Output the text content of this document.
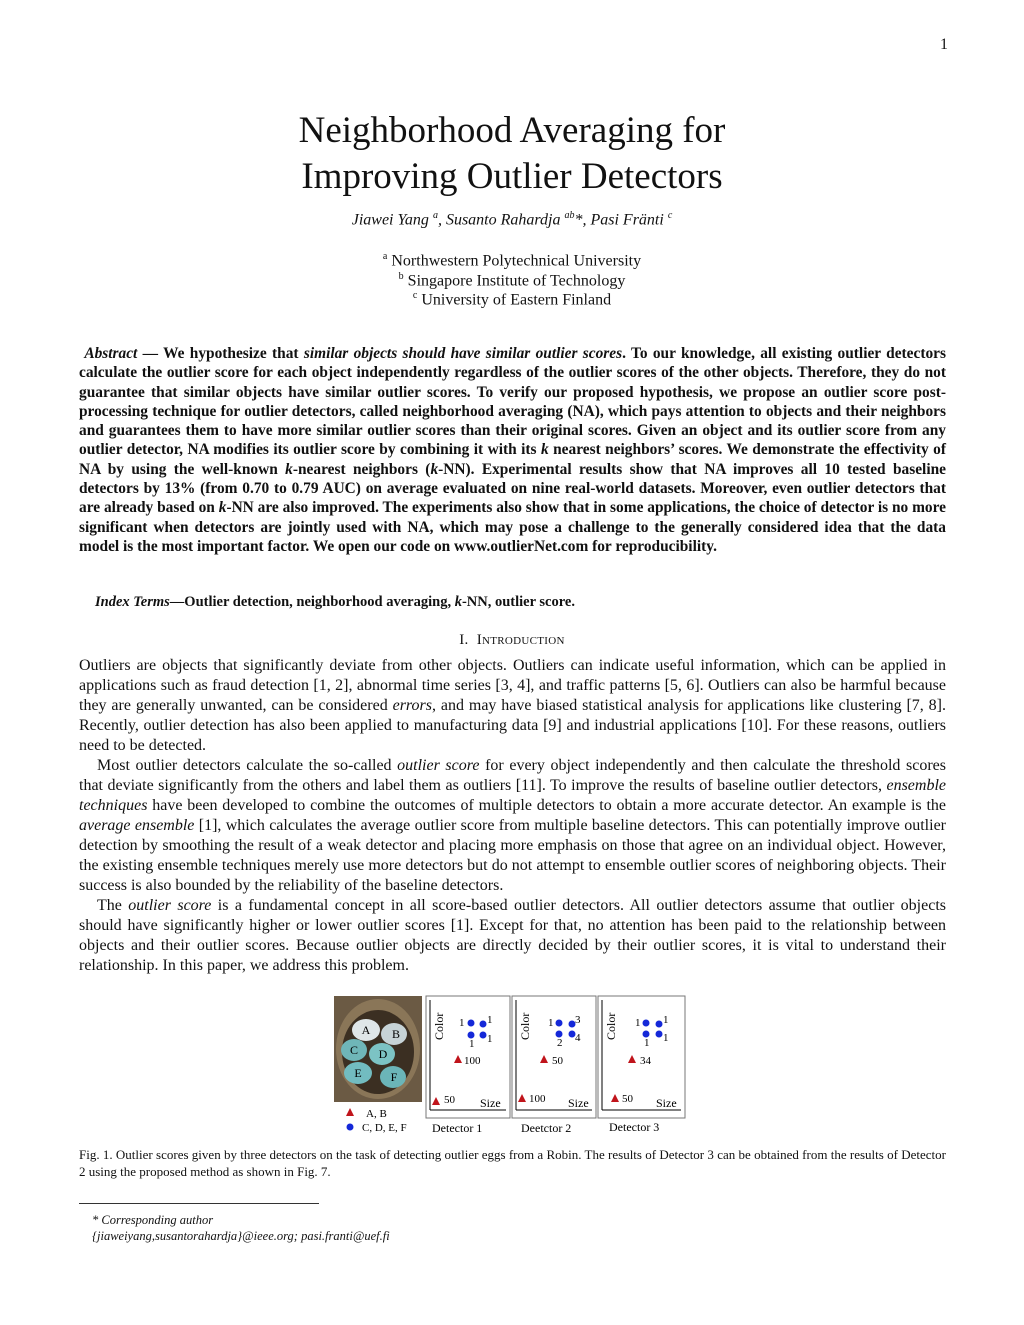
1
Neighborhood Averaging for
Improving Outlier Detectors
Jiawei Yang $^a$, Susanto Rahardja $^{ab}$*, Pasi Fränti $^c$
$^a$ Northwestern Polytechnical University
$^b$ Singapore Institute of Technology
$^c$ University of Eastern Finland
Abstract — We hypothesize that similar objects should have similar outlier scores. To our knowledge, all existing outlier detectors calculate the outlier score for each object independently regardless of the outlier scores of the other objects. Therefore, they do not guarantee that similar objects have similar outlier scores. To verify our proposed hypothesis, we propose an outlier score post-processing technique for outlier detectors, called neighborhood averaging (NA), which pays attention to objects and their neighbors and guarantees them to have more similar outlier scores than their original scores. Given an object and its outlier score from any outlier detector, NA modifies its outlier score by combining it with its k nearest neighbors’ scores. We demonstrate the effectivity of NA by using the well-known k-nearest neighbors (k-NN). Experimental results show that NA improves all 10 tested baseline detectors by 13% (from 0.70 to 0.79 AUC) on average evaluated on nine real-world datasets. Moreover, even outlier detectors that are already based on k-NN are also improved. The experiments also show that in some applications, the choice of detector is no more significant when detectors are jointly used with NA, which may pose a challenge to the generally considered idea that the data model is the most important factor. We open our code on www.outlierNet.com for reproducibility.
Index Terms—Outlier detection, neighborhood averaging, k-NN, outlier score.
I. Introduction

Outliers are objects that significantly deviate from other objects. Outliers can indicate useful information, which can be applied in applications such as fraud detection [1, 2], abnormal time series [3, 4], and traffic patterns [5, 6]. Outliers can also be harmful because they are generally unwanted, can be considered errors, and may have biased statistical analysis for applications like clustering [7, 8]. Recently, outlier detection has also been applied to manufacturing data [9] and industrial applications [10]. For these reasons, outliers need to be detected.

Most outlier detectors calculate the so-called outlier score for every object independently and then calculate the threshold scores that deviate significantly from the others and label them as outliers [11]. To improve the results of baseline outlier detectors, ensemble techniques have been developed to combine the outcomes of multiple detectors to obtain a more accurate detector. An example is the average ensemble [1], which calculates the average outlier score from multiple baseline detectors. This can potentially improve outlier detection by smoothing the result of a weak detector and placing more emphasis on those that agree on an individual object. However, the existing ensemble techniques merely use more detectors but do not attempt to ensemble outlier scores of neighboring objects. Their success is also bounded by the reliability of the baseline detectors.

The outlier score is a fundamental concept in all score-based outlier detectors. All outlier detectors assume that outlier objects should have significantly higher or lower outlier scores [1]. Except for that, no attention has been paid to the relationship between objects and their outlier scores. Because outlier objects are directly decided by their outlier scores, it is vital to understand their relationship. In this paper, we address this problem.

A B
C D
E F
A, B
C, D, E, F
Color
Size
1 1
1 1
100
50
Detector 1
Color
Size
1 3
2 4
50
100
Deetctor 2
Color
Size
1 1
1 1
34
50
Detector 3
Fig. 1. Outlier scores given by three detectors on the task of detecting outlier eggs from a Robin. The results of Detector 3 can be obtained from the results of Detector 2 using the proposed method as shown in Fig. 7.
* Corresponding author
{jiaweiyang,susantorahardja}@ieee.org; pasi.franti@uef.fi
